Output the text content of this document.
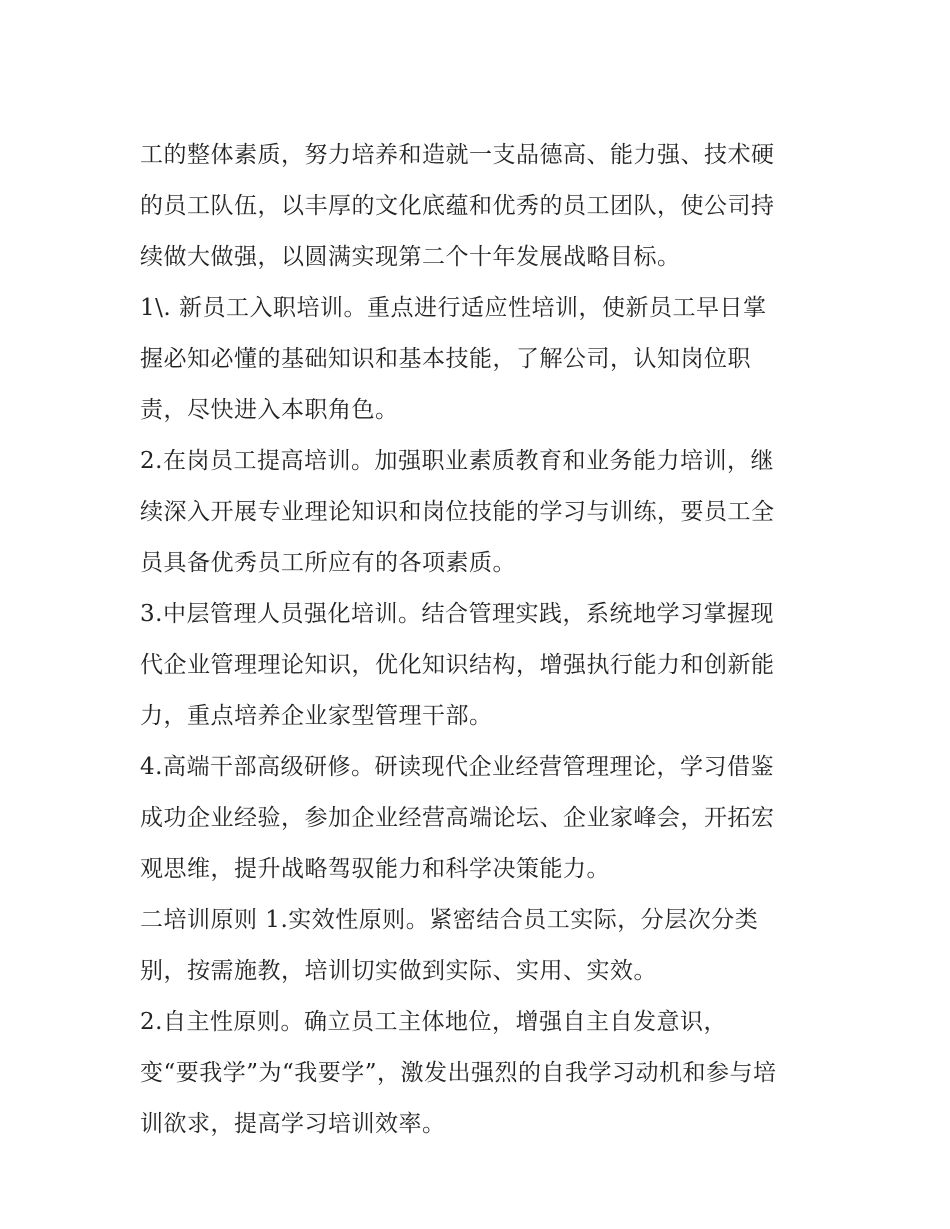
工的整体素质，努力培养和造就一支品德高、能力强、技术硬
的员工队伍，以丰厚的文化底蕴和优秀的员工团队，使公司持
续做大做强，以圆满实现第二个十年发展战略目标。
1\. 新员工入职培训。重点进行适应性培训，使新员工早日掌
握必知必懂的基础知识和基本技能，了解公司，认知岗位职
责，尽快进入本职角色。
2.在岗员工提高培训。加强职业素质教育和业务能力培训，继
续深入开展专业理论知识和岗位技能的学习与训练，要员工全
员具备优秀员工所应有的各项素质。
3.中层管理人员强化培训。结合管理实践，系统地学习掌握现
代企业管理理论知识，优化知识结构，增强执行能力和创新能
力，重点培养企业家型管理干部。
4.高端干部高级研修。研读现代企业经营管理理论，学习借鉴
成功企业经验，参加企业经营高端论坛、企业家峰会，开拓宏
观思维，提升战略驾驭能力和科学决策能力。
二培训原则 1.实效性原则。紧密结合员工实际，分层次分类
别，按需施教，培训切实做到实际、实用、实效。
2.自主性原则。确立员工主体地位，增强自主自发意识，
变“要我学”为“我要学”，激发出强烈的自我学习动机和参与培
训欲求，提高学习培训效率。
